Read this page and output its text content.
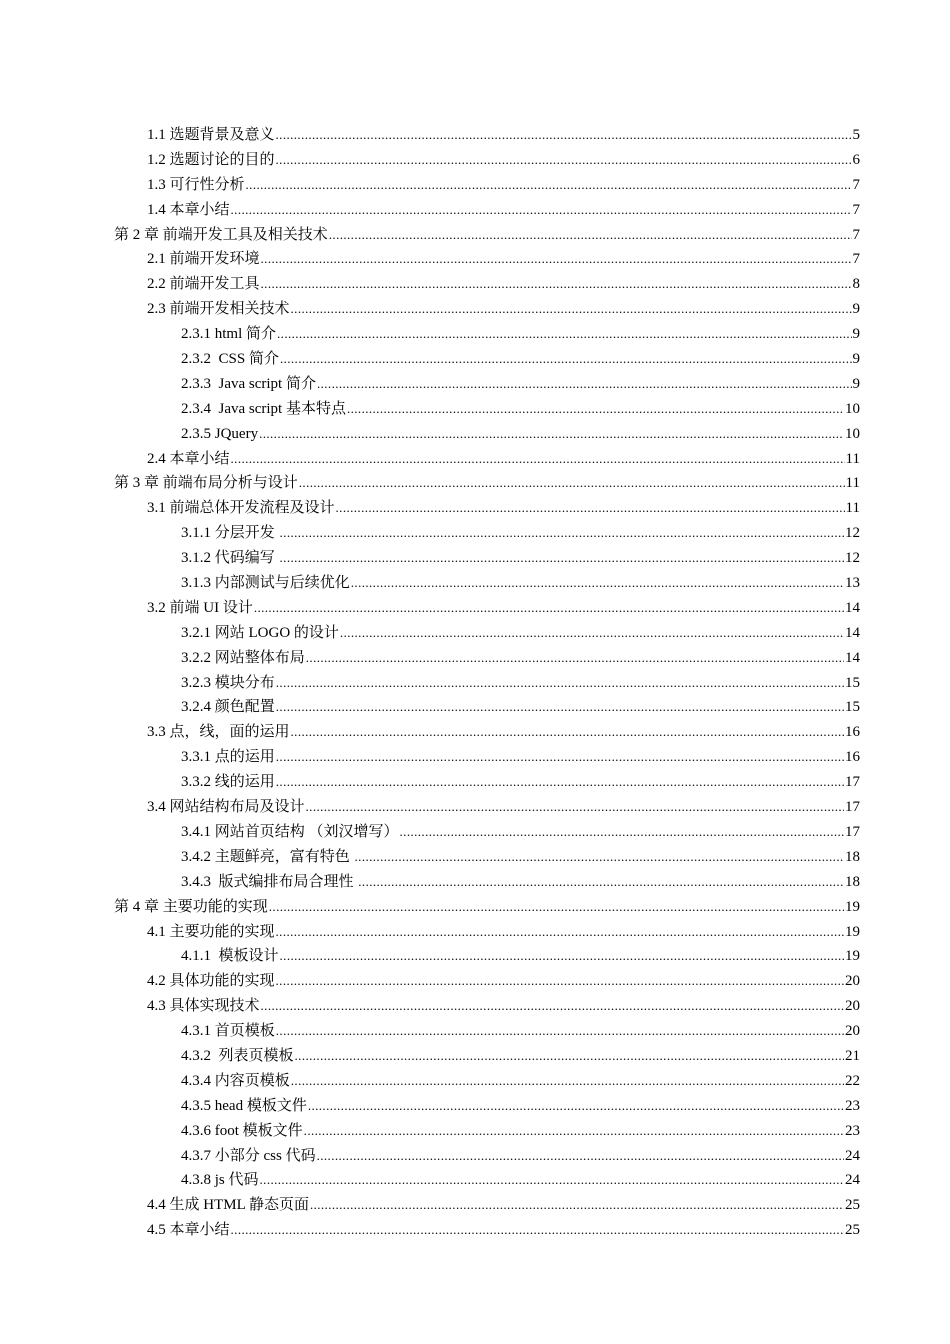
1.1 选题背景及意义 .....	5
1.2 选题讨论的目的 .....	6
1.3 可行性分析 .....	7
1.4 本章小结 .....	7
第 2 章 前端开发工具及相关技术 .....	7
2.1 前端开发环境 .....	7
2.2 前端开发工具 .....	8
2.3 前端开发相关技术 .....	9
2.3.1 html 简介 .....	9
2.3.2  CSS 简介 .....	9
2.3.3  Java script 简介 .....	9
2.3.4  Java script 基本特点 .....	10
2.3.5 JQuery .....	10
2.4 本章小结 .....	11
第 3 章 前端布局分析与设计 .....	11
3.1 前端总体开发流程及设计 .....	11
3.1.1 分层开发 .....	12
3.1.2 代码编写 .....	12
3.1.3 内部测试与后续优化 .....	13
3.2 前端 UI 设计 .....	14
3.2.1 网站 LOGO 的设计 .....	14
3.2.2 网站整体布局 .....	14
3.2.3 模块分布 .....	15
3.2.4 颜色配置 .....	15
3.3 点，线，面的运用 .....	16
3.3.1 点的运用 .....	16
3.3.2 线的运用 .....	17
3.4 网站结构布局及设计 .....	17
3.4.1 网站首页结构 （刘汉增写） .....	17
3.4.2 主题鲜亮，富有特色 .....	18
3.4.3  版式编排布局合理性 .....	18
第 4 章 主要功能的实现 .....	19
4.1 主要功能的实现 .....	19
4.1.1  模板设计 .....	19
4.2 具体功能的实现 .....	20
4.3 具体实现技术 .....	20
4.3.1 首页模板 .....	20
4.3.2  列表页模板 .....	21
4.3.4 内容页模板 .....	22
4.3.5 head 模板文件 .....	23
4.3.6 foot 模板文件 .....	23
4.3.7 小部分 css 代码 .....	24
4.3.8 js 代码 .....	24
4.4 生成 HTML 静态页面 .....	25
4.5 本章小结 .....	25
